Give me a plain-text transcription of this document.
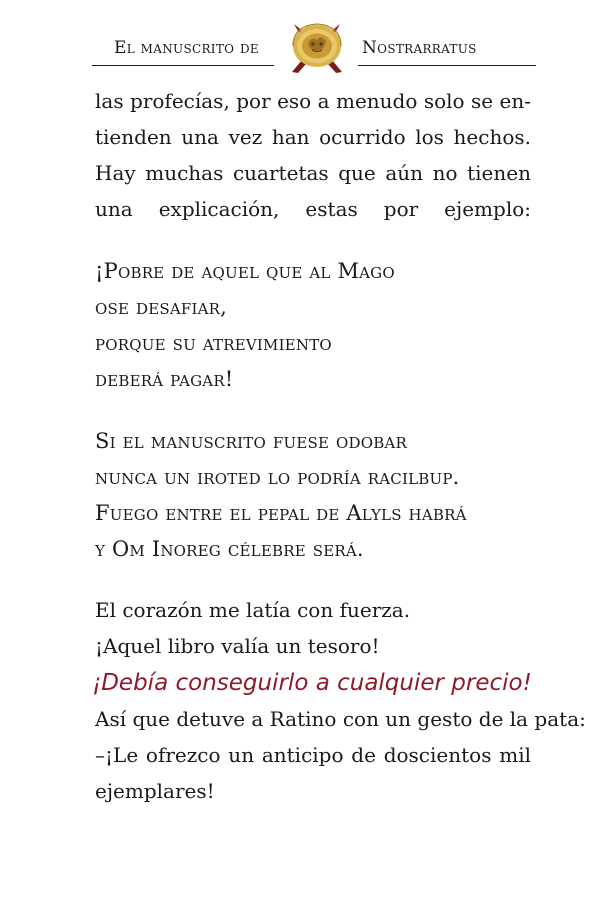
El manuscrito de	Nostrarratus
las profecías, por eso a menudo solo se en-
tienden una vez han ocurrido los hechos.
Hay muchas cuartetas que aún no tienen
una explicación, estas por ejemplo:
¡Pobre de aquel que al Mago
ose desafiar,
porque su atrevimiento
deberá pagar!
Si el manuscrito fuese odobar
nunca un iroted lo podría racilbup.
Fuego entre el pepal de Alyls habrá
y Om Inoreg célebre será.
El corazón me latía con fuerza.
¡Aquel libro valía un tesoro!

¡Debía conseguirlo a cualquier precio!

Así que detuve a Ratino con un gesto de la pata:
–¡Le ofrezco un anticipo de doscientos mil
ejemplares!
